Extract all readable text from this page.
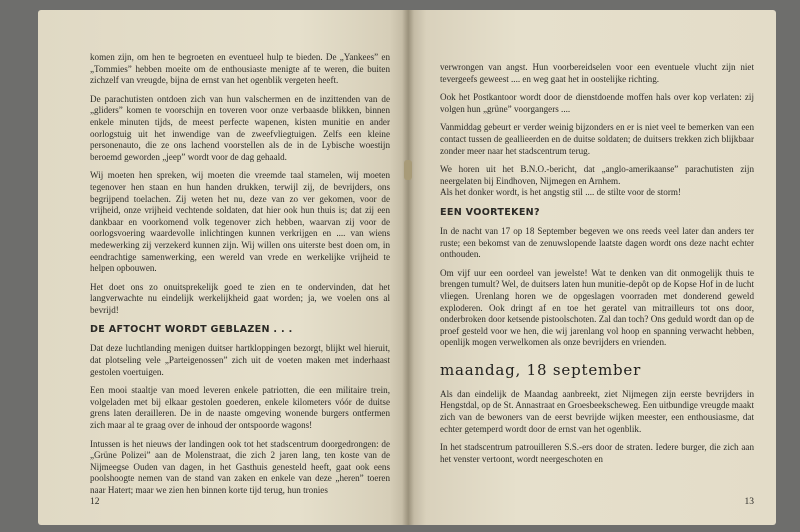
komen zijn, om hen te begroeten en eventueel hulp te bieden. De „Yankees” en „Tommies” hebben moeite om de enthousiaste menigte af te weren, die buiten zichzelf van vreugde, bijna de ernst van het ogenblik vergeten heeft.

De parachutisten ontdoen zich van hun valschermen en de inzittenden van de „gliders” komen te voorschijn en toveren voor onze verbaasde blikken, binnen enkele minuten tijds, de meest perfecte wapenen, kisten munitie en ander oorlogstuig uit het inwendige van de zweefvliegtuigen. Zelfs een kleine personenauto, die ze ons lachend voorstellen als de in de Lybische woestijn beroemd geworden „jeep” wordt voor de dag gehaald.

Wij moeten hen spreken, wij moeten die vreemde taal stamelen, wij moeten tegenover hen staan en hun handen drukken, terwijl zij, de bevrijders, ons begrijpend toelachen. Zij weten het nu, deze van zo ver gekomen, voor de vrijheid, onze vrijheid vechtende soldaten, dat hier ook hun thuis is; dat zij een dankbaar en voorkomend volk tegenover zich hebben, waarvan zij voor de oorlogsvoering waardevolle inlichtingen kunnen verkrijgen en .... van wiens medewerking zij verzekerd kunnen zijn. Wij willen ons uiterste best doen om, in eendrachtige samenwerking, een wereld van vrede en werkelijke vrijheid te helpen opbouwen.

Het doet ons zo onuitsprekelijk goed te zien en te ondervinden, dat het langverwachte nu eindelijk werkelijkheid gaat worden; ja, we voelen ons al bevrijd!

DE AFTOCHT WORDT GEBLAZEN . . .

Dat deze luchtlanding menigen duitser hartkloppingen bezorgt, blijkt wel hieruit, dat plotseling vele „Parteigenossen” zich uit de voeten maken met inderhaast gestolen voertuigen.

Een mooi staaltje van moed leveren enkele patriotten, die een militaire trein, volgeladen met bij elkaar gestolen goederen, enkele kilometers vóór de duitse grens laten derailleren. De in de naaste omgeving wonende burgers ontfermen zich maar al te graag over de inhoud der ontspoorde wagons!

Intussen is het nieuws der landingen ook tot het stadscentrum doorgedrongen: de „Grüne Polizei” aan de Molenstraat, die zich 2 jaren lang, ten koste van de Nijmeegse Ouden van dagen, in het Gasthuis genesteld heeft, gaat ook eens poolshoogte nemen van de stand van zaken en enkele van deze „heren” toeren naar Hatert; maar we zien hen binnen korte tijd terug, hun tronies

12

verwrongen van angst. Hun voorbereidselen voor een eventuele vlucht zijn niet tevergeefs geweest .... en weg gaat het in oostelijke richting.

Ook het Postkantoor wordt door de dienstdoende moffen hals over kop verlaten: zij volgen hun „grüne” voorgangers ....

Vanmiddag gebeurt er verder weinig bijzonders en er is niet veel te bemerken van een contact tussen de geallieerden en de duitse soldaten; de duitsers trekken zich blijkbaar zonder meer naar het stadscentrum terug.

We horen uit het B.N.O.-bericht, dat „anglo-amerikaanse” parachutisten zijn neergelaten bij Eindhoven, Nijmegen en Arnhem.

Als het donker wordt, is het angstig stil .... de stilte voor de storm!

EEN VOORTEKEN?

In de nacht van 17 op 18 September begeven we ons reeds veel later dan anders ter ruste; een bekomst van de zenuwslopende laatste dagen wordt ons deze nacht echter onthouden.

Om vijf uur een oordeel van jewelste! Wat te denken van dit onmogelijk thuis te brengen tumult? Wel, de duitsers laten hun munitie-depôt op de Kopse Hof in de lucht vliegen. Urenlang horen we de opgeslagen voorraden met donderend geweld exploderen. Ook dringt af en toe het geratel van mitrailleurs tot ons door, onderbroken door ketsende pistoolschoten. Zal dan toch? Ons geduld wordt dan op de proef gesteld voor we hen, die wij jarenlang vol hoop en spanning verwacht hebben, openlijk mogen verwelkomen als onze bevrijders en vrienden.

maandag, 18 september

Als dan eindelijk de Maandag aanbreekt, ziet Nijmegen zijn eerste bevrijders in Hengstdal, op de St. Annastraat en Groesbeekscheweg. Een uitbundige vreugde maakt zich van de bewoners van de eerst bevrijde wijken meester, een enthousiasme, dat echter getemperd wordt door de ernst van het ogenblik.

In het stadscentrum patrouilleren S.S.-ers door de straten. Iedere burger, die zich aan het venster vertoont, wordt neergeschoten en

13
